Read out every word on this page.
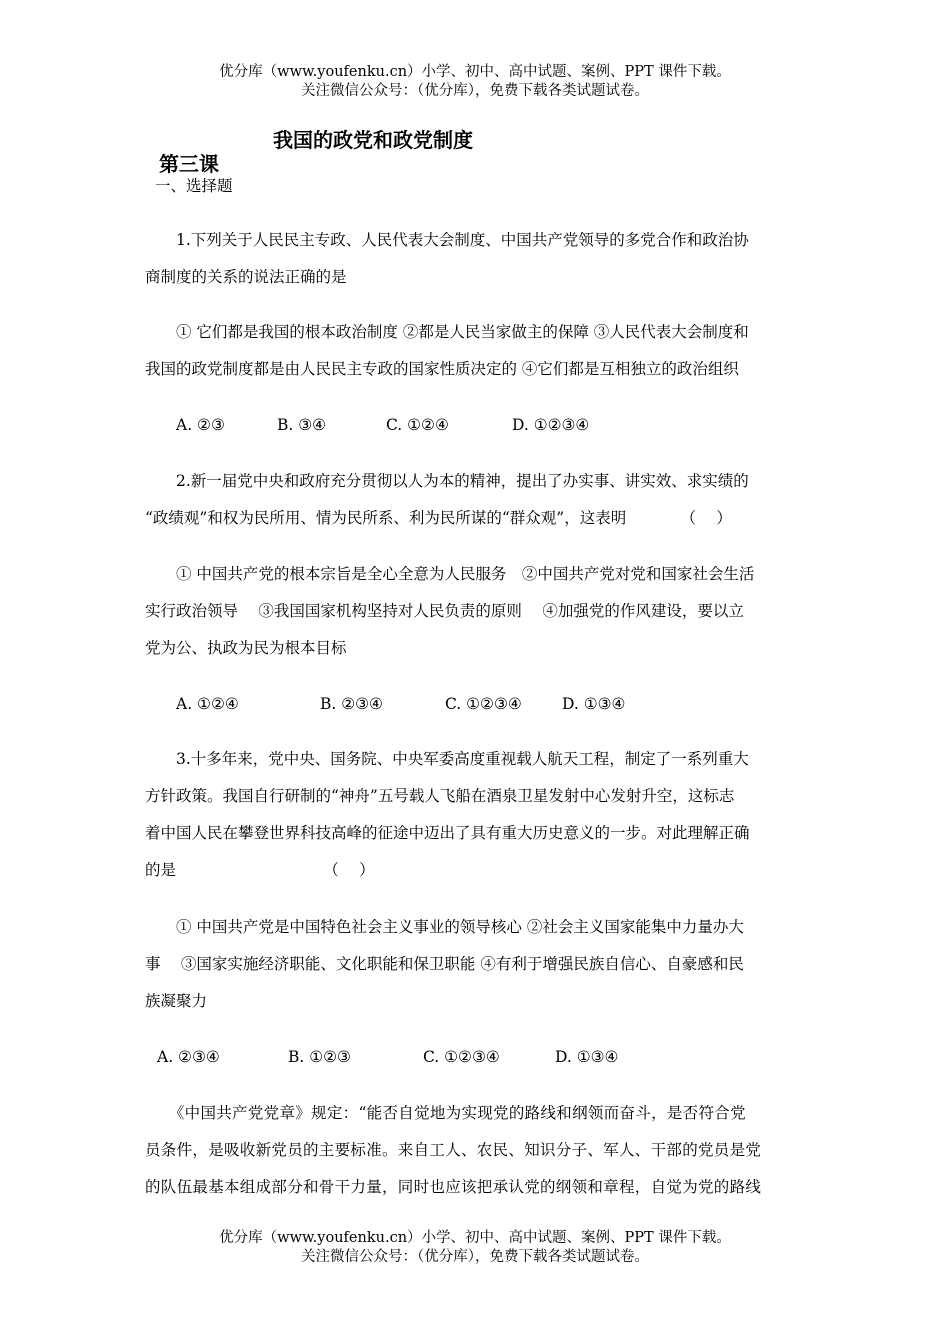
优分库（www.youfenku.cn）小学、初中、高中试题、案例、PPT 课件下载。
关注微信公众号：（优分库），免费下载各类试题试卷。

第三课

我国的政党和政党制度

一、选择题
　　1.下列关于人民民主专政、人民代表大会制度、中国共产党领导的多党合作和政治协
商制度的关系的说法正确的是
　　① 它们都是我国的根本政治制度 ②都是人民当家做主的保障 ③人民代表大会制度和
我国的政党制度都是由人民民主专政的国家性质决定的 ④它们都是互相独立的政治组织

A. ②③

	B. ③④

	C. ①②④

	D. ①②③④

　　2.新一届党中央和政府充分贯彻以人为本的精神，提出了办实事、讲实效、求实绩的
“政绩观”和权为民所用、情为民所系、利为民所谋的“群众观”，这表明　　　　（　 ）
　　① 中国共产党的根本宗旨是全心全意为人民服务　②中国共产党对党和国家社会生活
实行政治领导　 ③我国国家机构坚持对人民负责的原则　 ④加强党的作风建设，要以立
党为公、执政为民为根本目标

A. ①②④

	B. ②③④

	C. ①②③④

	D. ①③④

　　3.十多年来，党中央、国务院、中央军委高度重视载人航天工程，制定了一系列重大
方针政策。我国自行研制的“神舟”五号载人飞船在酒泉卫星发射中心发射升空，这标志
着中国人民在攀登世界科技高峰的征途中迈出了具有重大历史意义的一步。对此理解正确
的是　　　　　　　　　　（　 ）
　　① 中国共产党是中国特色社会主义事业的领导核心 ②社会主义国家能集中力量办大
事　 ③国家实施经济职能、文化职能和保卫职能 ④有利于增强民族自信心、自豪感和民
族凝聚力

A. ②③④

	B. ①②③

	C. ①②③④

	D. ①③④

　　《中国共产党党章》规定：“能否自觉地为实现党的路线和纲领而奋斗，是否符合党
员条件，是吸收新党员的主要标准。来自工人、农民、知识分子、军人、干部的党员是党
的队伍最基本组成部分和骨干力量，同时也应该把承认党的纲领和章程，自觉为党的路线
优分库（www.youfenku.cn）小学、初中、高中试题、案例、PPT 课件下载。
关注微信公众号：（优分库），免费下载各类试题试卷。
